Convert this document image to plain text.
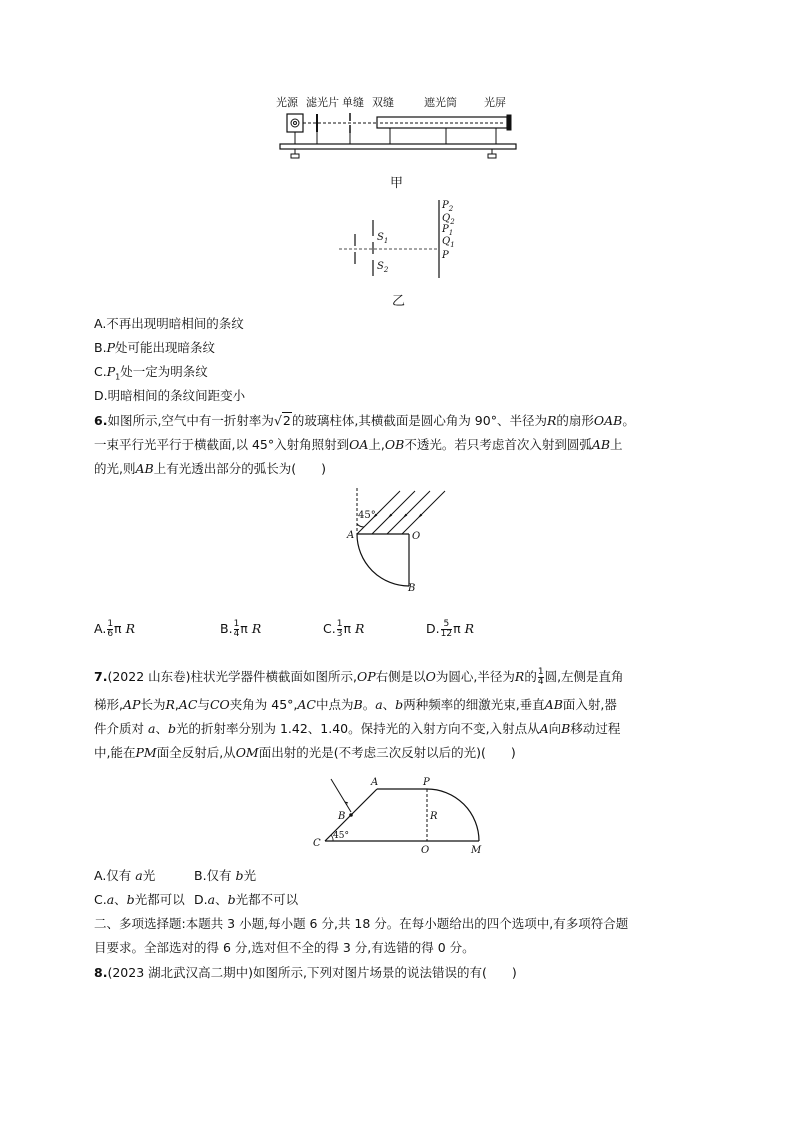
光源 滤光片 单缝 双缝	遮光筒 光屏
甲
$S_1$
$S_2$
$P_2$
$Q_2$
$P_1$
$Q_1$
P
乙
A.不再出现明暗相间的条纹
B.P处可能出现暗条纹
$C.P_1$处一定为明条纹
D.明暗相间的条纹间距变小
6.如图所示,空气中有一折射率为√2的玻璃柱体,其横截面是圆心角为 90°、半径为R的扇形OAB。
一束平行光平行于横截面,以 45°入射角照射到OA上,OB不透光。若只考虑首次入射到圆弧AB上
的光,则AB上有光透出部分的弧长为(　　)
45°
A	O
B
A. $\frac{1}{6}$ π R	B. $\frac{1}{4}$ π R	C. $\frac{1}{3}$ π R	D. $\frac{5}{12}$ π R
7.(2022 山东卷)柱状光学器件横截面如图所示,OP右侧是以O为圆心,半径为R的 $\frac{1}{4}$ 圆,左侧是直角
梯形,AP长为R,AC与CO夹角为 45°,AC中点为B。a、b两种频率的细激光束,垂直AB面入射,器
件介质对 a、b光的折射率分别为 1.42、1.40。保持光的入射方向不变,入射点从A向B移动过程
中,能在PM面全反射后,从OM面出射的光是(不考虑三次反射以后的光)(　　)
A	P
B	R
C
45°
O	M
A.仅有 a光	B.仅有 b光
C.a、b光都可以 D.a、b光都不可以
二、多项选择题:本题共 3 小题,每小题 6 分,共 18 分。在每小题给出的四个选项中,有多项符合题
目要求。全部选对的得 6 分,选对但不全的得 3 分,有选错的得 0 分。
8.(2023 湖北武汉高二期中)如图所示,下列对图片场景的说法错误的有(　　)
